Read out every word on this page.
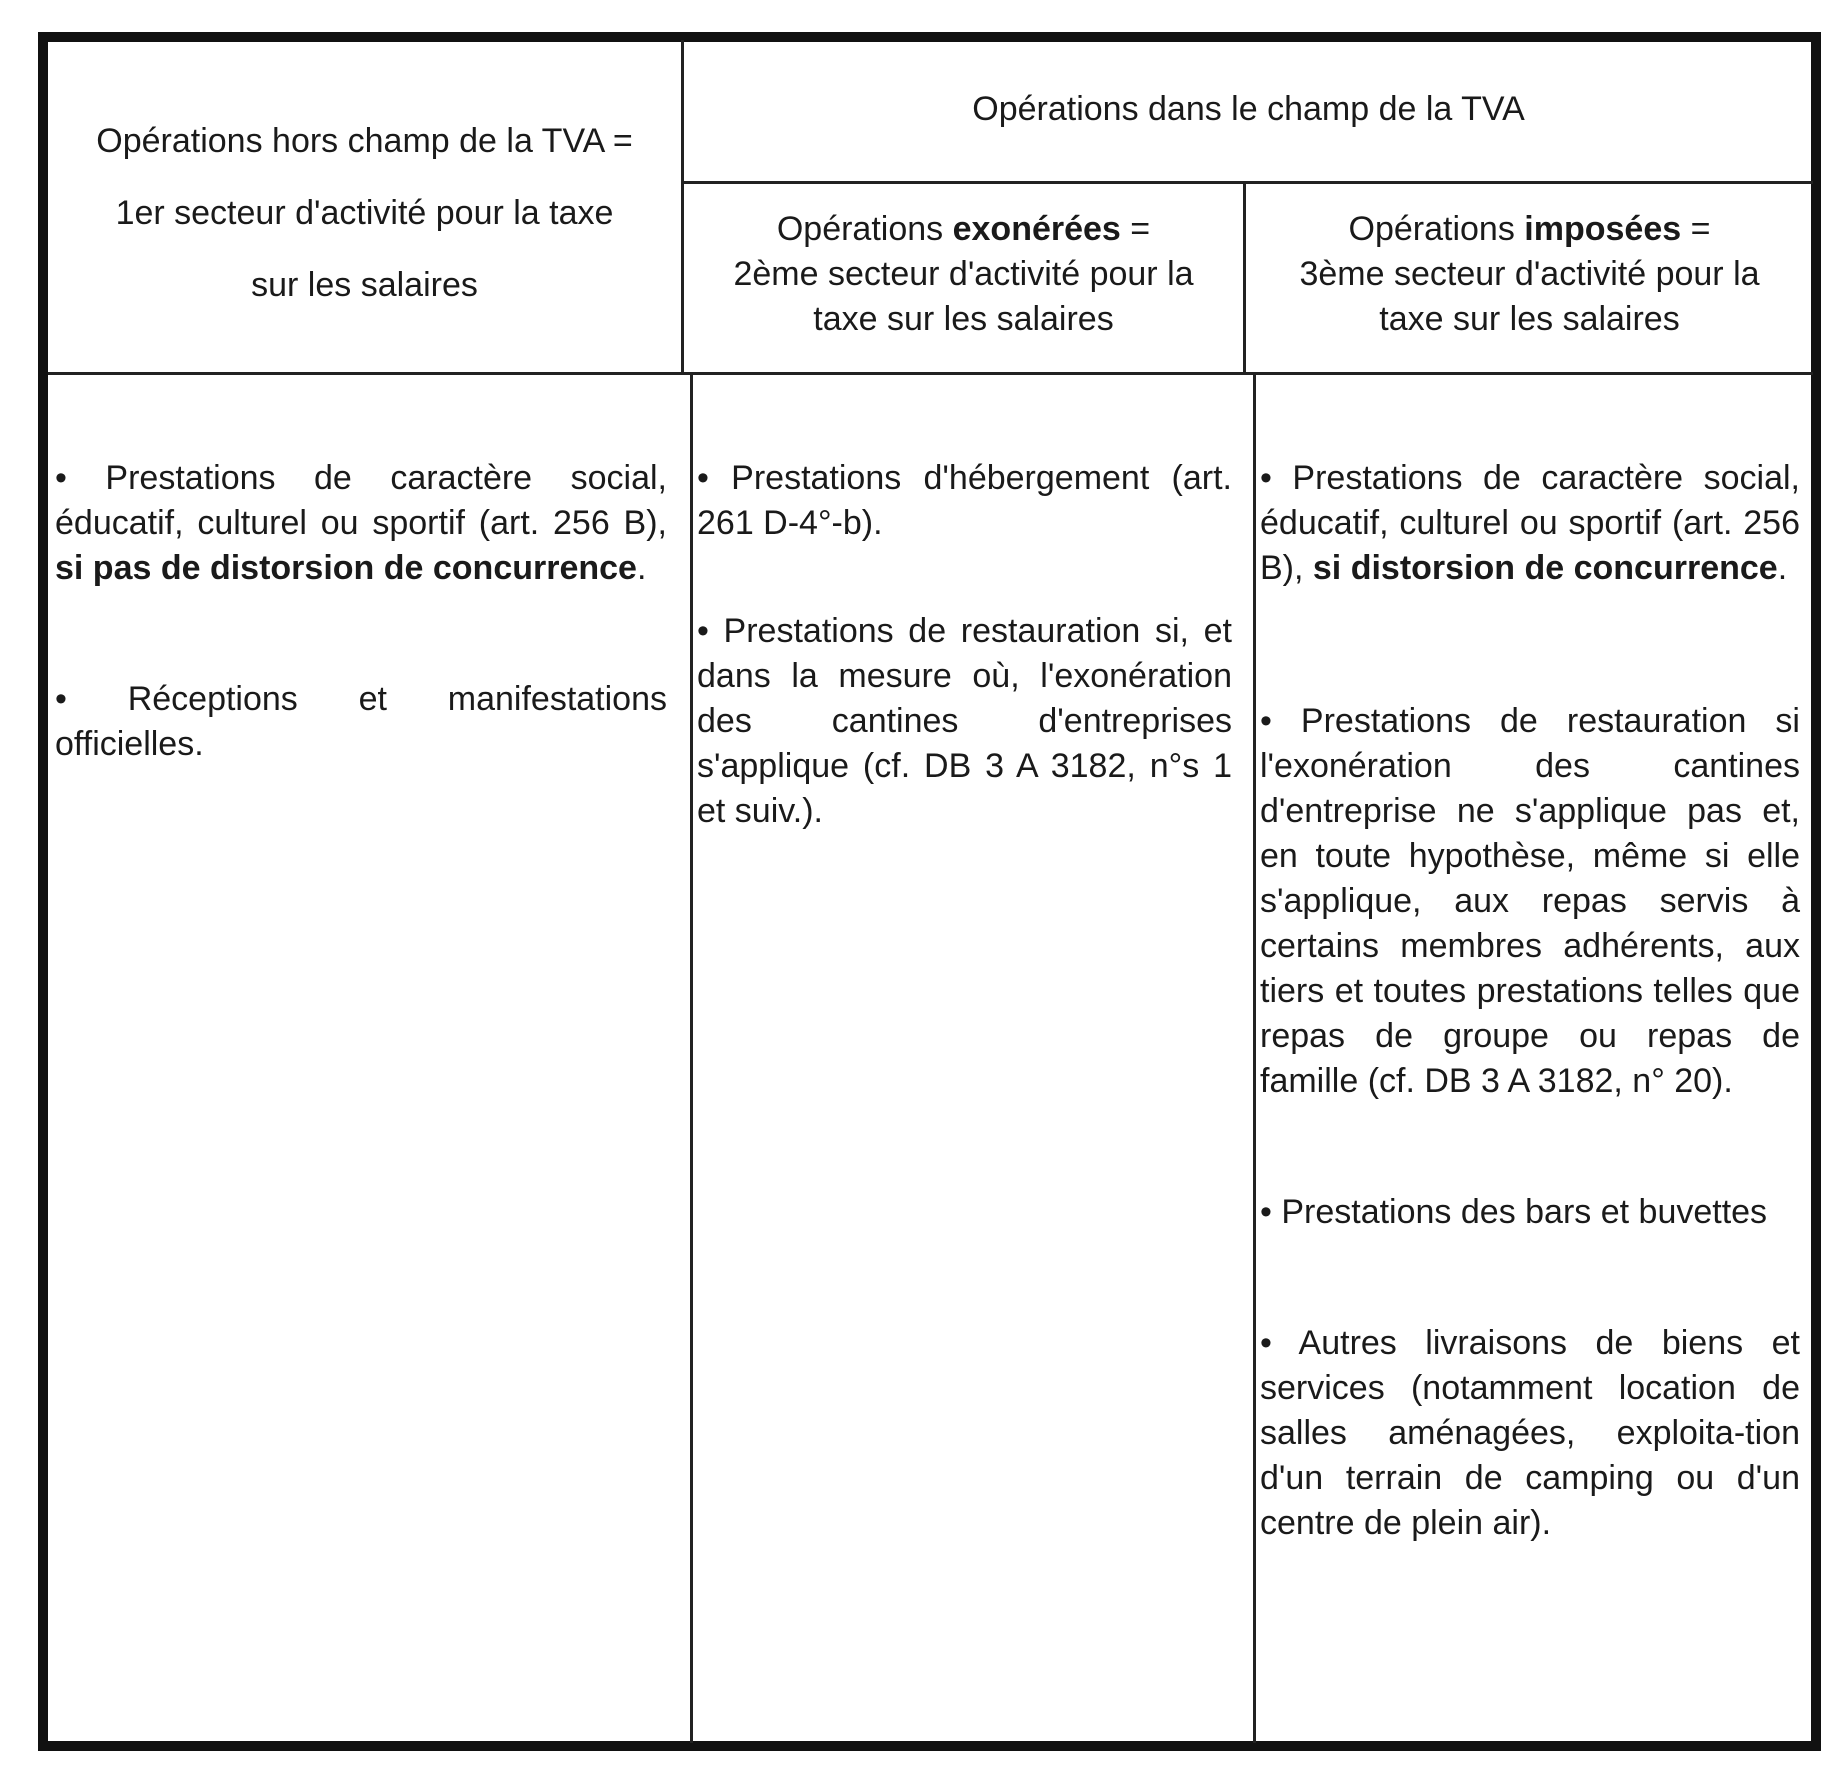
Opérations hors champ de la TVA =
1er secteur d'activité pour la taxe
sur les salaires
Opérations dans le champ de la TVA
Opérations exonérées =
2ème secteur d'activité pour la
taxe sur les salaires
Opérations imposées =
3ème secteur d'activité pour la
taxe sur les salaires

• Prestations de caractère social, éducatif, culturel ou sportif (art. 256 B), si pas de distorsion de concurrence.

• Réceptions et manifestations officielles.

• Prestations d'hébergement (art. 261 D-4°-b).

• Prestations de restauration si, et dans la mesure où, l'exonération des cantines d'entreprises s'applique (cf. DB 3 A 3182, n°s 1 et suiv.).

• Prestations de caractère social, éducatif, culturel ou sportif (art. 256 B), si distorsion de concurrence.

• Prestations de restauration si l'exonération des cantines d'entreprise ne s'applique pas et, en toute hypothèse, même si elle s'applique, aux repas servis à certains membres adhérents, aux tiers et toutes prestations telles que repas de groupe ou repas de famille (cf. DB 3 A 3182, n° 20).

• Prestations des bars et buvettes

• Autres livraisons de biens et services (notamment location de salles aménagées, exploita-tion d'un terrain de camping ou d'un centre de plein air).
